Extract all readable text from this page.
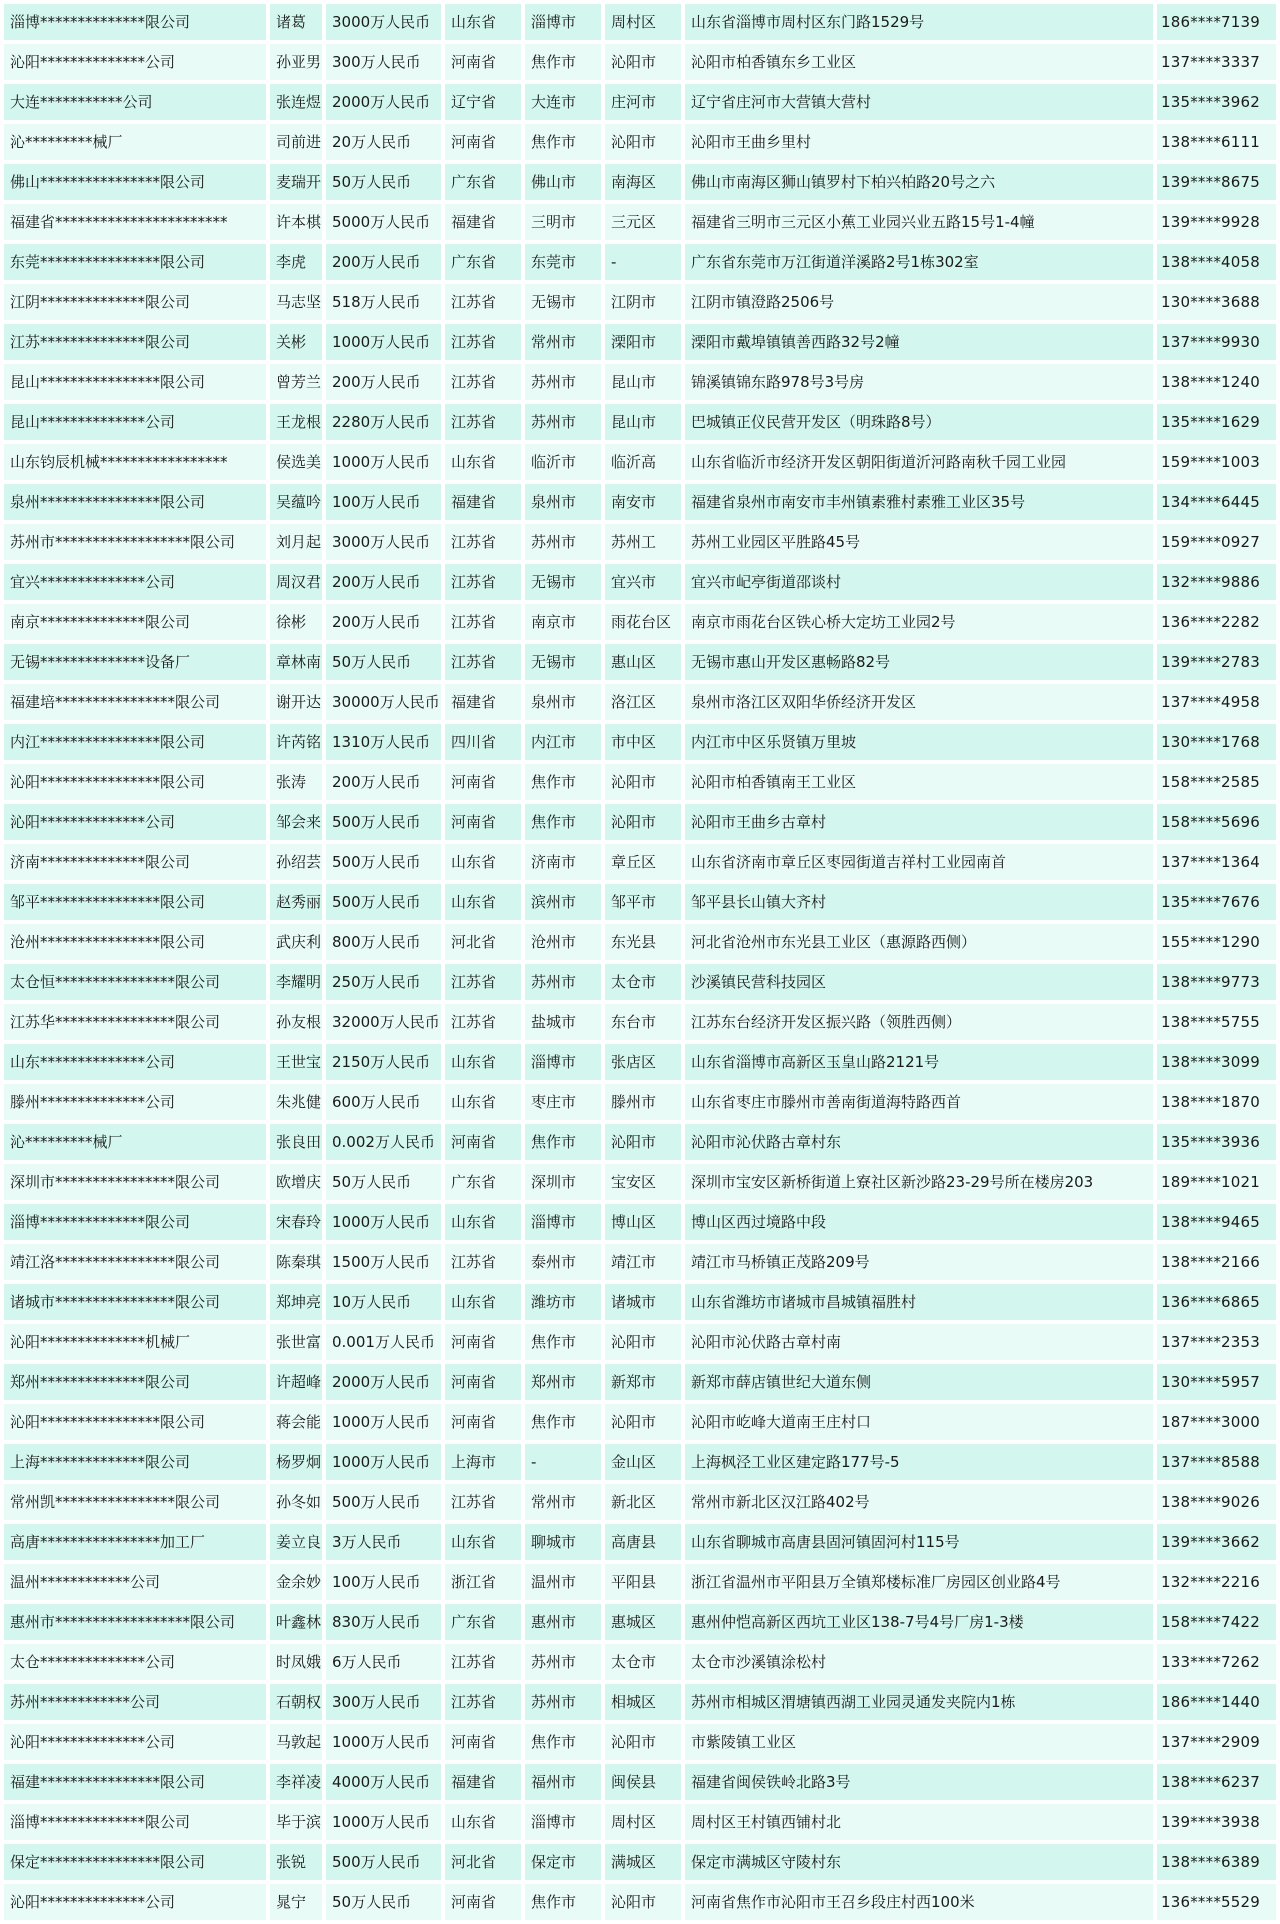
淄博**************限公司	诸葛	3000万人民币	山东省	淄博市	周村区	山东省淄博市周村区东门路1529号	186****7139
沁阳**************公司	孙亚男	300万人民币	河南省	焦作市	沁阳市	沁阳市柏香镇东乡工业区	137****3337
大连***********公司	张连煜	2000万人民币	辽宁省	大连市	庄河市	辽宁省庄河市大营镇大营村	135****3962
沁*********械厂	司前进	20万人民币	河南省	焦作市	沁阳市	沁阳市王曲乡里村	138****6111
佛山****************限公司	麦瑞开	50万人民币	广东省	佛山市	南海区	佛山市南海区狮山镇罗村下柏兴柏路20号之六	139****8675
福建省***********************	许本棋	5000万人民币	福建省	三明市	三元区	福建省三明市三元区小蕉工业园兴业五路15号1-4幢	139****9928
东莞****************限公司	李虎	200万人民币	广东省	东莞市	-	广东省东莞市万江街道洋溪路2号1栋302室	138****4058
江阴**************限公司	马志坚	518万人民币	江苏省	无锡市	江阴市	江阴市镇澄路2506号	130****3688
江苏**************限公司	关彬	1000万人民币	江苏省	常州市	溧阳市	溧阳市戴埠镇镇善西路32号2幢	137****9930
昆山****************限公司	曾芳兰	200万人民币	江苏省	苏州市	昆山市	锦溪镇锦东路978号3号房	138****1240
昆山**************公司	王龙根	2280万人民币	江苏省	苏州市	昆山市	巴城镇正仪民营开发区（明珠路8号）	135****1629
山东钧辰机械*****************	侯选美	1000万人民币	山东省	临沂市	临沂高	山东省临沂市经济开发区朝阳街道沂河路南秋千园工业园	159****1003
泉州****************限公司	吴蕴吟	100万人民币	福建省	泉州市	南安市	福建省泉州市南安市丰州镇素雅村素雅工业区35号	134****6445
苏州市******************限公司	刘月起	3000万人民币	江苏省	苏州市	苏州工	苏州工业园区平胜路45号	159****0927
宜兴**************公司	周汉君	200万人民币	江苏省	无锡市	宜兴市	宜兴市屺亭街道邵谈村	132****9886
南京**************限公司	徐彬	200万人民币	江苏省	南京市	雨花台区	南京市雨花台区铁心桥大定坊工业园2号	136****2282
无锡**************设备厂	章林南	50万人民币	江苏省	无锡市	惠山区	无锡市惠山开发区惠畅路82号	139****2783
福建培****************限公司	谢开达	30000万人民币	福建省	泉州市	洛江区	泉州市洛江区双阳华侨经济开发区	137****4958
内江****************限公司	许芮铭	1310万人民币	四川省	内江市	市中区	内江市中区乐贤镇万里坡	130****1768
沁阳****************限公司	张涛	200万人民币	河南省	焦作市	沁阳市	沁阳市柏香镇南王工业区	158****2585
沁阳**************公司	邹会来	500万人民币	河南省	焦作市	沁阳市	沁阳市王曲乡古章村	158****5696
济南**************限公司	孙绍芸	500万人民币	山东省	济南市	章丘区	山东省济南市章丘区枣园街道吉祥村工业园南首	137****1364
邹平****************限公司	赵秀丽	500万人民币	山东省	滨州市	邹平市	邹平县长山镇大齐村	135****7676
沧州****************限公司	武庆利	800万人民币	河北省	沧州市	东光县	河北省沧州市东光县工业区（惠源路西侧）	155****1290
太仓恒****************限公司	李耀明	250万人民币	江苏省	苏州市	太仓市	沙溪镇民营科技园区	138****9773
江苏华****************限公司	孙友根	32000万人民币	江苏省	盐城市	东台市	江苏东台经济开发区振兴路（领胜西侧）	138****5755
山东**************公司	王世宝	2150万人民币	山东省	淄博市	张店区	山东省淄博市高新区玉皇山路2121号	138****3099
滕州**************公司	朱兆健	600万人民币	山东省	枣庄市	滕州市	山东省枣庄市滕州市善南街道海特路西首	138****1870
沁*********械厂	张良田	0.002万人民币	河南省	焦作市	沁阳市	沁阳市沁伏路古章村东	135****3936
深圳市****************限公司	欧增庆	50万人民币	广东省	深圳市	宝安区	深圳市宝安区新桥街道上寮社区新沙路23-29号所在楼房203	189****1021
淄博**************限公司	宋春玲	1000万人民币	山东省	淄博市	博山区	博山区西过境路中段	138****9465
靖江洛****************限公司	陈秦琪	1500万人民币	江苏省	泰州市	靖江市	靖江市马桥镇正茂路209号	138****2166
诸城市****************限公司	郑坤亮	10万人民币	山东省	潍坊市	诸城市	山东省潍坊市诸城市昌城镇福胜村	136****6865
沁阳**************机械厂	张世富	0.001万人民币	河南省	焦作市	沁阳市	沁阳市沁伏路古章村南	137****2353
郑州**************限公司	许超峰	2000万人民币	河南省	郑州市	新郑市	新郑市薛店镇世纪大道东侧	130****5957
沁阳****************限公司	蒋会能	1000万人民币	河南省	焦作市	沁阳市	沁阳市屹峰大道南王庄村口	187****3000
上海**************限公司	杨罗炯	1000万人民币	上海市	-	金山区	上海枫泾工业区建定路177号-5	137****8588
常州凯****************限公司	孙冬如	500万人民币	江苏省	常州市	新北区	常州市新北区汉江路402号	138****9026
高唐****************加工厂	姜立良	3万人民币	山东省	聊城市	高唐县	山东省聊城市高唐县固河镇固河村115号	139****3662
温州************公司	金余妙	100万人民币	浙江省	温州市	平阳县	浙江省温州市平阳县万全镇郑楼标准厂房园区创业路4号	132****2216
惠州市******************限公司	叶鑫林	830万人民币	广东省	惠州市	惠城区	惠州仲恺高新区西坑工业区138-7号4号厂房1-3楼	158****7422
太仓**************公司	时凤娥	6万人民币	江苏省	苏州市	太仓市	太仓市沙溪镇涂松村	133****7262
苏州************公司	石朝权	300万人民币	江苏省	苏州市	相城区	苏州市相城区渭塘镇西湖工业园灵通发夹院内1栋	186****1440
沁阳**************公司	马敦起	1000万人民币	河南省	焦作市	沁阳市	市紫陵镇工业区	137****2909
福建****************限公司	李祥凌	4000万人民币	福建省	福州市	闽侯县	福建省闽侯铁岭北路3号	138****6237
淄博**************限公司	毕于滨	1000万人民币	山东省	淄博市	周村区	周村区王村镇西铺村北	139****3938
保定****************限公司	张锐	500万人民币	河北省	保定市	满城区	保定市满城区守陵村东	138****6389
沁阳**************公司	晁宁	50万人民币	河南省	焦作市	沁阳市	河南省焦作市沁阳市王召乡段庄村西100米	136****5529
